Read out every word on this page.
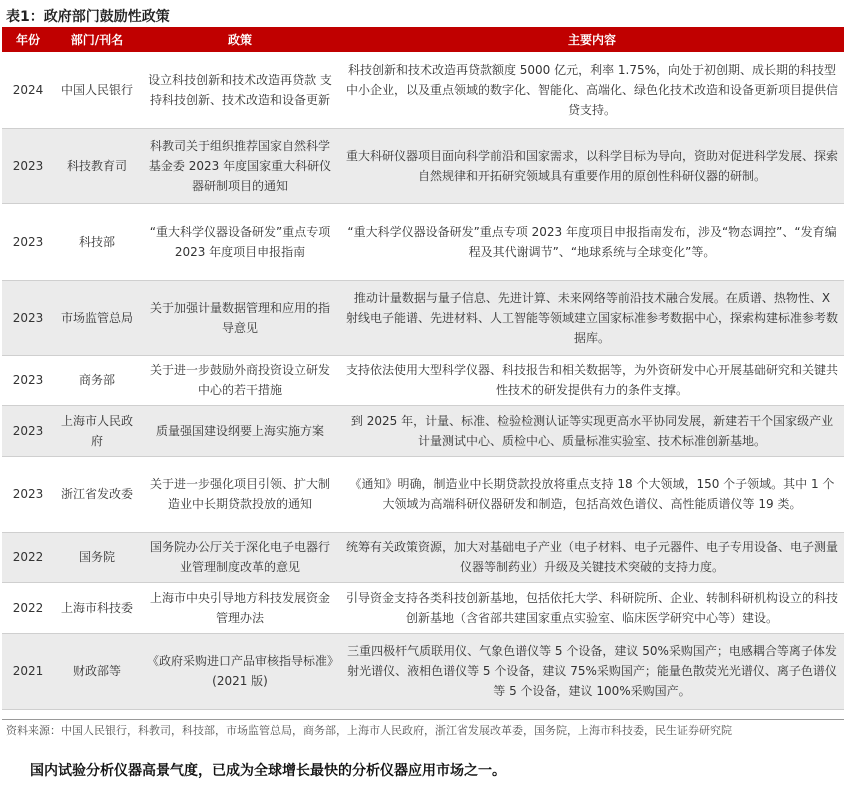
表1：政府部门鼓励性政策
年份	部门/刊名	政策	主要内容
2024	中国人民银行	设立科技创新和技术改造再贷款 支持科技创新、技术改造和设备更新	科技创新和技术改造再贷款额度 5000 亿元，利率 1.75%，向处于初创期、成长期的科技型中小企业，以及重点领域的数字化、智能化、高端化、绿色化技术改造和设备更新项目提供信贷支持。
2023	科技教育司	科教司关于组织推荐国家自然科学基金委 2023 年度国家重大科研仪器研制项目的通知	重大科研仪器项目面向科学前沿和国家需求，以科学目标为导向，资助对促进科学发展、探索自然规律和开拓研究领域具有重要作用的原创性科研仪器的研制。
2023	科技部	“重大科学仪器设备研发”重点专项 2023 年度项目申报指南	“重大科学仪器设备研发”重点专项 2023 年度项目申报指南发布，涉及“物态调控”、“发育编程及其代谢调节”、“地球系统与全球变化”等。
2023	市场监管总局	关于加强计量数据管理和应用的指导意见	推动计量数据与量子信息、先进计算、未来网络等前沿技术融合发展。在质谱、热物性、X 射线电子能谱、先进材料、人工智能等领域建立国家标准参考数据中心，探索构建标准参考数据库。
2023	商务部	关于进一步鼓励外商投资设立研发中心的若干措施	支持依法使用大型科学仪器、科技报告和相关数据等，为外资研发中心开展基础研究和关键共性技术的研发提供有力的条件支撑。
2023	上海市人民政府	质量强国建设纲要上海实施方案	到 2025 年，计量、标准、检验检测认证等实现更高水平协同发展，新建若干个国家级产业计量测试中心、质检中心、质量标准实验室、技术标准创新基地。
2023	浙江省发改委	关于进一步强化项目引领、扩大制造业中长期贷款投放的通知	《通知》明确，制造业中长期贷款投放将重点支持 18 个大领域，150 个子领域。其中 1 个大领域为高端科研仪器研发和制造，包括高效色谱仪、高性能质谱仪等 19 类。
2022	国务院	国务院办公厅关于深化电子电器行业管理制度改革的意见	统筹有关政策资源，加大对基础电子产业（电子材料、电子元器件、电子专用设备、电子测量仪器等制药业）升级及关键技术突破的支持力度。
2022	上海市科技委	上海市中央引导地方科技发展资金管理办法	引导资金支持各类科技创新基地，包括依托大学、科研院所、企业、转制科研机构设立的科技创新基地（含省部共建国家重点实验室、临床医学研究中心等）建设。
2021	财政部等	《政府采购进口产品审核指导标准》(2021 版)	三重四极杆气质联用仪、气象色谱仪等 5 个设备，建议 50%采购国产；电感耦合等离子体发射光谱仪、液相色谱仪等 5 个设备，建议 75%采购国产；能量色散荧光光谱仪、离子色谱仪等 5 个设备，建议 100%采购国产。
资料来源：中国人民银行，科教司，科技部，市场监管总局，商务部，上海市人民政府，浙江省发展改革委，国务院，上海市科技委，民生证券研究院
国内试验分析仪器高景气度，已成为全球增长最快的分析仪器应用市场之一。
